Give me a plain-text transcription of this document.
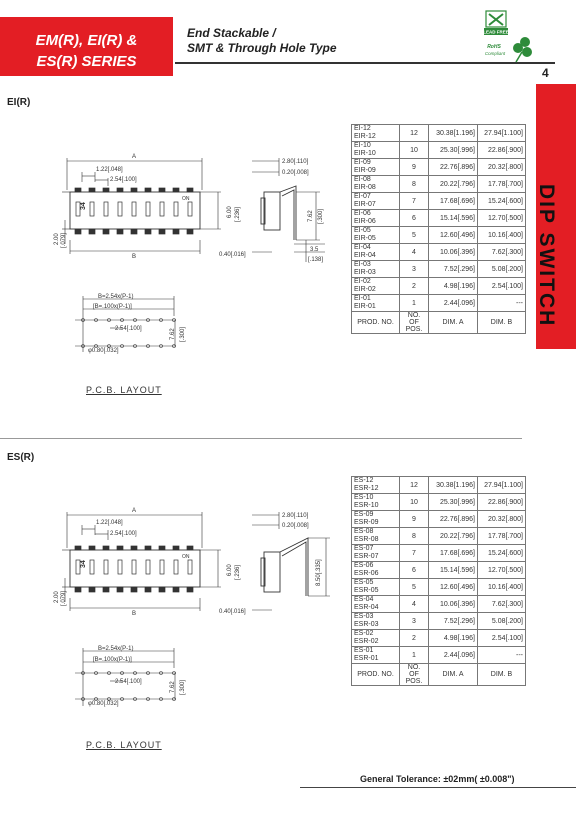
EM(R), EI(R) &
ES(R) SERIES
End Stackable /
SMT & Through Hole Type
LEAD FREE
RoHS
Compliant
4
DIP SWITCH
EI(R)
ES(R)
EI-12
EIR-12	12	30.38[1.196]	27.94[1.100]

EI-10
EIR-10	10	25.30[.996]	22.86[.900]

EI-09
EIR-09	9	22.76[.896]	20.32[.800]

EI-08
EIR-08	8	20.22[.796]	17.78[.700]

EI-07
EIR-07	7	17.68[.696]	15.24[.600]

EI-06
EIR-06	6	15.14[.596]	12.70[.500]

EI-05
EIR-05	5	12.60[.496]	10.16[.400]

EI-04
EIR-04	4	10.06[.396]	7.62[.300]

EI-03
EIR-03	3	7.52[.296]	5.08[.200]

EI-02
EIR-02	2	4.98[.196]	2.54[.100]

EI-01
EIR-01	1	2.44[.096]	---
PROD. NO.	NO. OF POS.	DIM. A	DIM. B
ES-12
ESR-12	12	30.38[1.196]	27.94[1.100]

ES-10
ESR-10	10	25.30[.996]	22.86[.900]

ES-09
ESR-09	9	22.76[.896]	20.32[.800]

ES-08
ESR-08	8	20.22[.796]	17.78[.700]

ES-07
ESR-07	7	17.68[.696]	15.24[.600]

ES-06
ESR-06	6	15.14[.596]	12.70[.500]

ES-05
ESR-05	5	12.60[.496]	10.16[.400]

ES-04
ESR-04	4	10.06[.396]	7.62[.300]

ES-03
ESR-03	3	7.52[.296]	5.08[.200]

ES-02
ESR-02	2	4.98[.196]	2.54[.100]

ES-01
ESR-01	1	2.44[.096]	---
PROD. NO.	NO. OF POS.	DIM. A	DIM. B
A
1.22[.048]
2.54[.100]
B
34
ON
6.00 [.236]
2.00 [.079]
2.80[.110]
0.20[.008]
7.62 [.300]
0.40[.016]
3.5
[.138]
B=2.54x(P-1)
[B=.100x(P-1)]
2.54[.100]
φ0.80[.032]
7.62 [.300]
A
1.22[.048]
2.54[.100]
B
34
ON
6.00 [.236]
2.00 [.079]
2.80[.110]
0.20[.008]
8.50[.335]
0.40[.016]
B=2.54x(P-1)
[B=.100x(P-1)]
2.54[.100]
φ0.80[.032]
7.62 [.300]
P.C.B. LAYOUT
P.C.B. LAYOUT
General Tolerance: ±02mm( ±0.008")
